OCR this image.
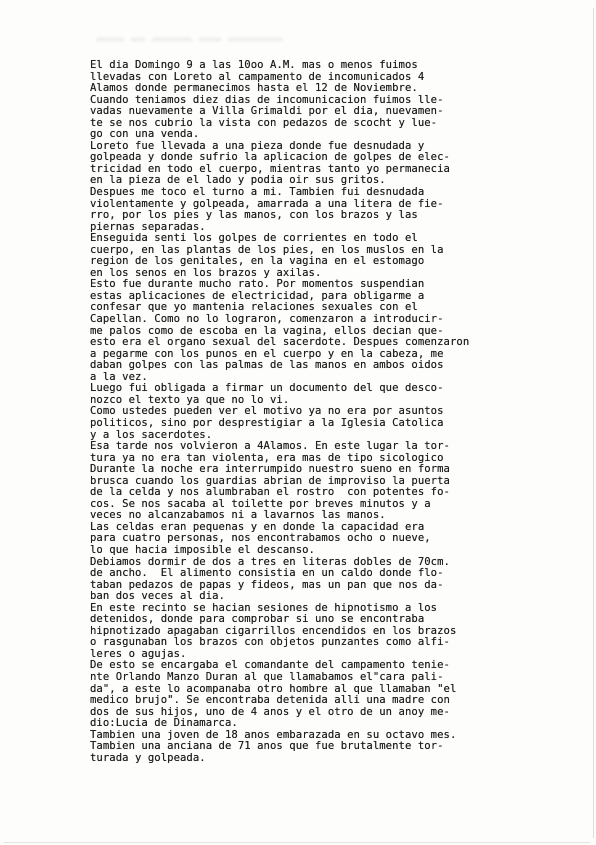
El dia Domingo 9 a las 10oo A.M. mas o menos fuimos
llevadas con Loreto al campamento de incomunicados 4
Alamos donde permanecimos hasta el 12 de Noviembre.
Cuando teniamos diez dias de incomunicacion fuimos lle-
vadas nuevamente a Villa Grimaldi por el dia, nuevamen-
te se nos cubrio la vista con pedazos de scocht y lue-
go con una venda.
Loreto fue llevada a una pieza donde fue desnudada y
golpeada y donde sufrio la aplicacion de golpes de elec-
tricidad en todo el cuerpo, mientras tanto yo permanecia
en la pieza de el lado y podia oir sus gritos.
Despues me toco el turno a mi. Tambien fui desnudada
violentamente y golpeada, amarrada a una litera de fie-
rro, por los pies y las manos, con los brazos y las
piernas separadas.
Enseguida senti los golpes de corrientes en todo el
cuerpo, en las plantas de los pies, en los muslos en la
region de los genitales, en la vagina en el estomago
en los senos en los brazos y axilas.
Esto fue durante mucho rato. Por momentos suspendian
estas aplicaciones de electricidad, para obligarme a
confesar que yo mantenia relaciones sexuales con el
Capellan. Como no lo lograron, comenzaron a introducir-
me palos como de escoba en la vagina, ellos decian que-
esto era el organo sexual del sacerdote. Despues comenzaron
a pegarme con los punos en el cuerpo y en la cabeza, me
daban golpes con las palmas de las manos en ambos oidos
a la vez.
Luego fui obligada a firmar un documento del que desco-
nozco el texto ya que no lo vi.
Como ustedes pueden ver el motivo ya no era por asuntos
politicos, sino por desprestigiar a la Iglesia Catolica
y a los sacerdotes.
Esa tarde nos volvieron a 4Alamos. En este lugar la tor-
tura ya no era tan violenta, era mas de tipo sicologico
Durante la noche era interrumpido nuestro sueno en forma
brusca cuando los guardias abrian de improviso la puerta
de la celda y nos alumbraban el rostro  con potentes fo-
cos. Se nos sacaba al toilette por breves minutos y a
veces no alcanzabamos ni a lavarnos las manos.
Las celdas eran pequenas y en donde la capacidad era
para cuatro personas, nos encontrabamos ocho o nueve,
lo que hacia imposible el descanso.
Debiamos dormir de dos a tres en literas dobles de 70cm.
de ancho.  El alimento consistia en un caldo donde flo-
taban pedazos de papas y fideos, mas un pan que nos da-
ban dos veces al dia.
En este recinto se hacian sesiones de hipnotismo a los
detenidos, donde para comprobar si uno se encontraba
hipnotizado apagaban cigarrillos encendidos en los brazos
o rasgunaban los brazos con objetos punzantes como alfi-
leres o agujas.
De esto se encargaba el comandante del campamento tenie-
nte Orlando Manzo Duran al que llamabamos el"cara pali-
da", a este lo acompanaba otro hombre al que llamaban "el
medico brujo". Se encontraba detenida alli una madre con
dos de sus hijos, uno de 4 anos y el otro de un anoy me-
dio:Lucia de Dinamarca.
Tambien una joven de 18 anos embarazada en su octavo mes.
Tambien una anciana de 71 anos que fue brutalmente tor-
turada y golpeada.
